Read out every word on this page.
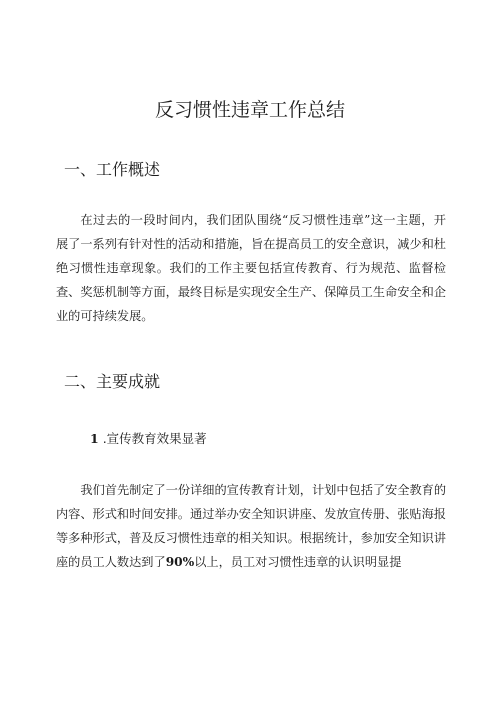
反习惯性违章工作总结
一、工作概述

在过去的一段时间内，我们团队围绕“反习惯性违章”这一主题，开展了一系列有针对性的活动和措施，旨在提高员工的安全意识，减少和杜绝习惯性违章现象。我们的工作主要包括宣传教育、行为规范、监督检查、奖惩机制等方面，最终目标是实现安全生产、保障员工生命安全和企业的可持续发展。

二、主要成就
1 .宣传教育效果显著

我们首先制定了一份详细的宣传教育计划，计划中包括了安全教育的内容、形式和时间安排。通过举办安全知识讲座、发放宣传册、张贴海报等多种形式，普及反习惯性违章的相关知识。根据统计，参加安全知识讲座的员工人数达到了90%以上，员工对习惯性违章的认识明显提
